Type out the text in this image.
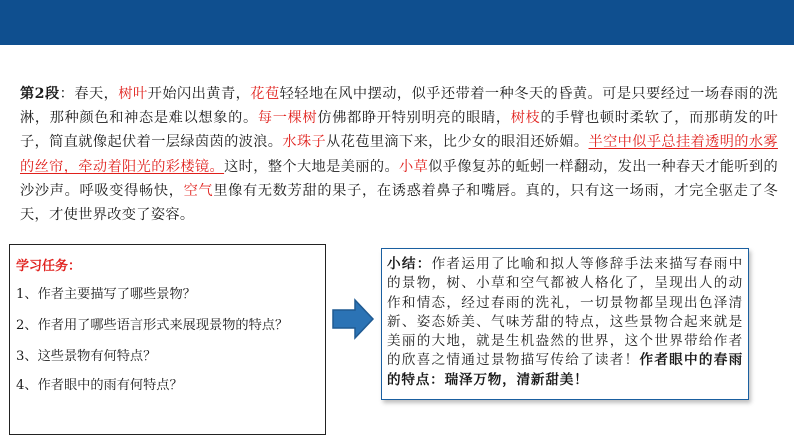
第2段：春天，树叶开始闪出黄青，花苞轻轻地在风中摆动，似乎还带着一种冬天的昏黄。可是只要经过一场春雨的洗淋，那种颜色和神态是难以想象的。每一棵树仿佛都睁开特别明亮的眼睛，树枝的手臂也顿时柔软了，而那萌发的叶子，简直就像起伏着一层绿茵茵的波浪。水珠子从花苞里滴下来，比少女的眼泪还娇媚。半空中似乎总挂着透明的水雾的丝帘，牵动着阳光的彩楼镜。这时，整个大地是美丽的。小草似乎像复苏的蚯蚓一样翻动，发出一种春天才能听到的沙沙声。呼吸变得畅快，空气里像有无数芳甜的果子，在诱惑着鼻子和嘴唇。真的，只有这一场雨，才完全驱走了冬天，才使世界改变了姿容。
学习任务：
1、作者主要描写了哪些景物？
2、作者用了哪些语言形式来展现景物的特点？
3、这些景物有何特点？
4、作者眼中的雨有何特点？
小结：作者运用了比喻和拟人等修辞手法来描写春雨中的景物，树、小草和空气都被人格化了，呈现出人的动作和情态，经过春雨的洗礼，一切景物都呈现出色泽清新、姿态娇美、气味芳甜的特点，这些景物合起来就是美丽的大地，就是生机盎然的世界，这个世界带给作者的欣喜之情通过景物描写传给了读者！作者眼中的春雨的特点：瑞泽万物，清新甜美！
